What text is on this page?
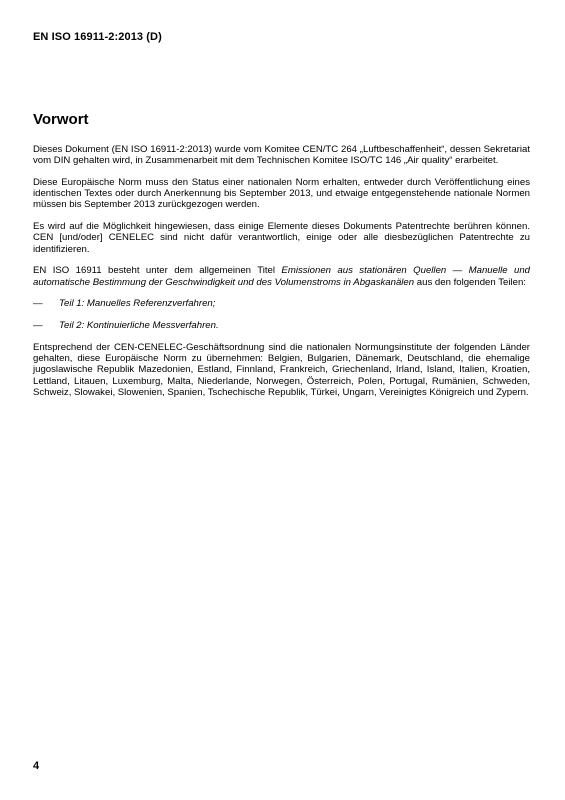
EN ISO 16911-2:2013 (D)
Vorwort

Dieses Dokument (EN ISO 16911-2:2013) wurde vom Komitee CEN/TC 264 „Luftbeschaffenheit“, dessen Sekretariat vom DIN gehalten wird, in Zusammenarbeit mit dem Technischen Komitee ISO/TC 146 „Air quality“ erarbeitet.

Diese Europäische Norm muss den Status einer nationalen Norm erhalten, entweder durch Veröffentlichung eines identischen Textes oder durch Anerkennung bis September 2013, und etwaige entgegenstehende nationale Normen müssen bis September 2013 zurückgezogen werden.

Es wird auf die Möglichkeit hingewiesen, dass einige Elemente dieses Dokuments Patentrechte berühren können. CEN [und/oder] CENELEC sind nicht dafür verantwortlich, einige oder alle diesbezüglichen Patentrechte zu identifizieren.

EN ISO 16911 besteht unter dem allgemeinen Titel Emissionen aus stationären Quellen — Manuelle und automatische Bestimmung der Geschwindigkeit und des Volumenstroms in Abgaskanälen aus den folgenden Teilen:

— Teil 1: Manuelles Referenzverfahren;

— Teil 2: Kontinuierliche Messverfahren.

Entsprechend der CEN-CENELEC-Geschäftsordnung sind die nationalen Normungsinstitute der folgenden Länder gehalten, diese Europäische Norm zu übernehmen: Belgien, Bulgarien, Dänemark, Deutschland, die ehemalige jugoslawische Republik Mazedonien, Estland, Finnland, Frankreich, Griechenland, Irland, Island, Italien, Kroatien, Lettland, Litauen, Luxemburg, Malta, Niederlande, Norwegen, Österreich, Polen, Portugal, Rumänien, Schweden, Schweiz, Slowakei, Slowenien, Spanien, Tschechische Republik, Türkei, Ungarn, Vereinigtes Königreich und Zypern.

4
